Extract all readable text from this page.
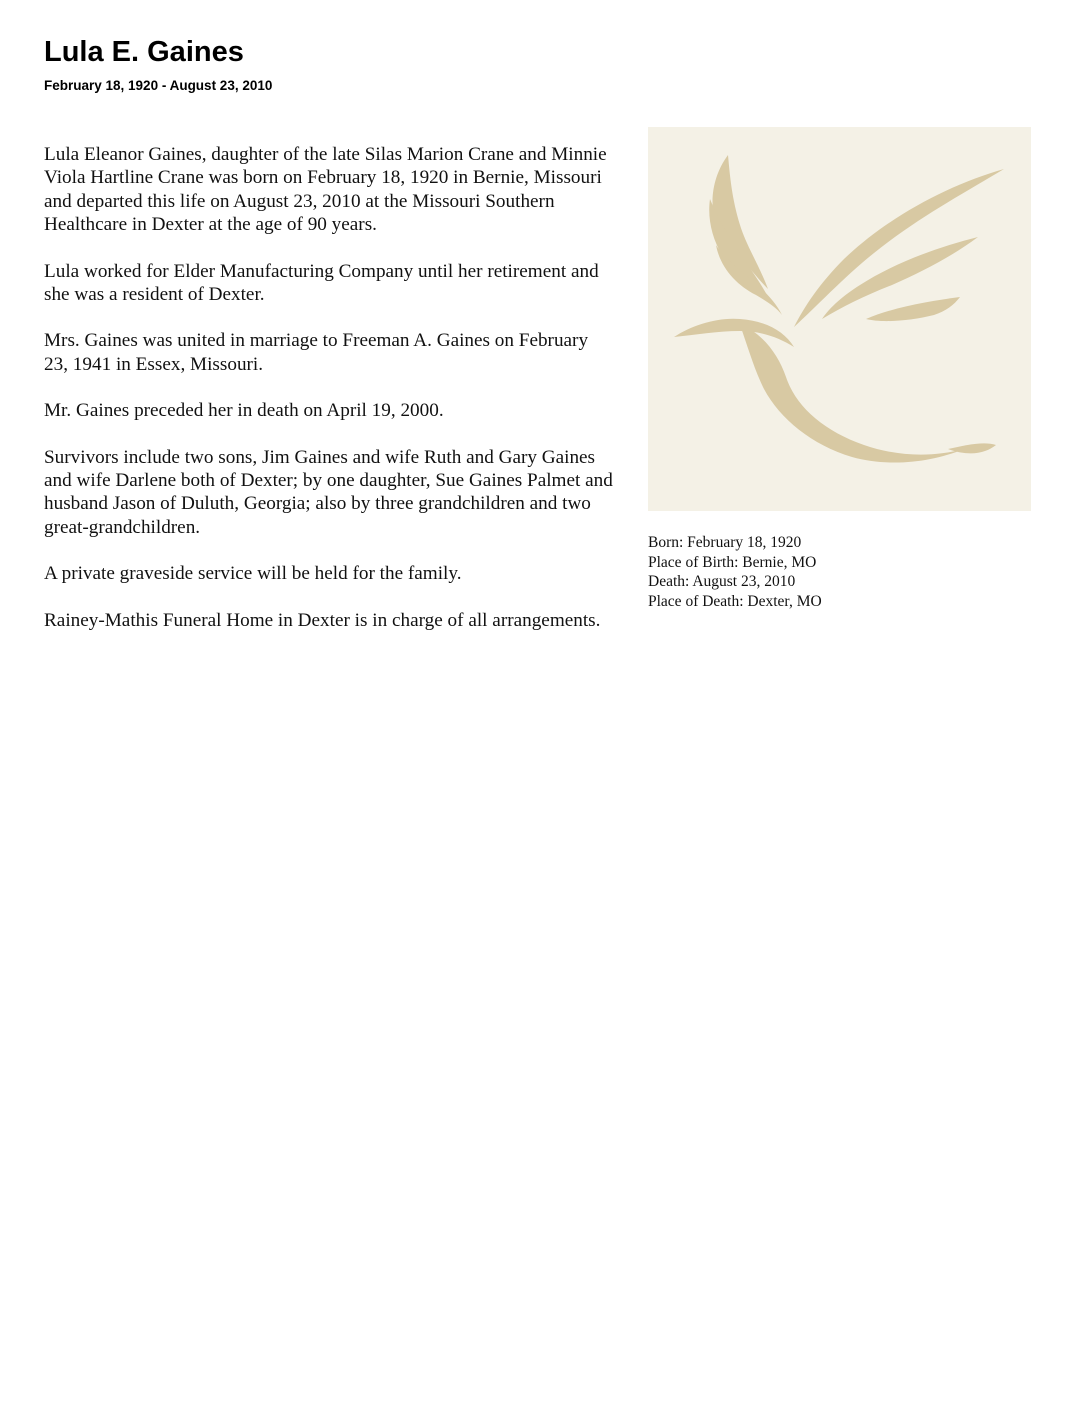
Lula E. Gaines
February 18, 1920 - August 23, 2010

Lula Eleanor Gaines, daughter of the late Silas Marion Crane and Minnie Viola Hartline Crane was born on February 18, 1920 in Bernie, Missouri and departed this life on August 23, 2010 at the Missouri Southern Healthcare in Dexter at the age of 90 years.

Lula worked for Elder Manufacturing Company until her retirement and she was a resident of Dexter.

Mrs. Gaines was united in marriage to Freeman A. Gaines on February 23, 1941 in Essex, Missouri.

Mr. Gaines preceded her in death on April 19, 2000.

Survivors include two sons, Jim Gaines and wife Ruth and Gary Gaines and wife Darlene both of Dexter; by one daughter, Sue Gaines Palmet and husband Jason of Duluth, Georgia; also by three grandchildren and two great-grandchildren.

A private graveside service will be held for the family.

Rainey-Mathis Funeral Home in Dexter is in charge of all arrangements.

Born: February 18, 1920
Place of Birth: Bernie, MO
Death: August 23, 2010
Place of Death: Dexter, MO
